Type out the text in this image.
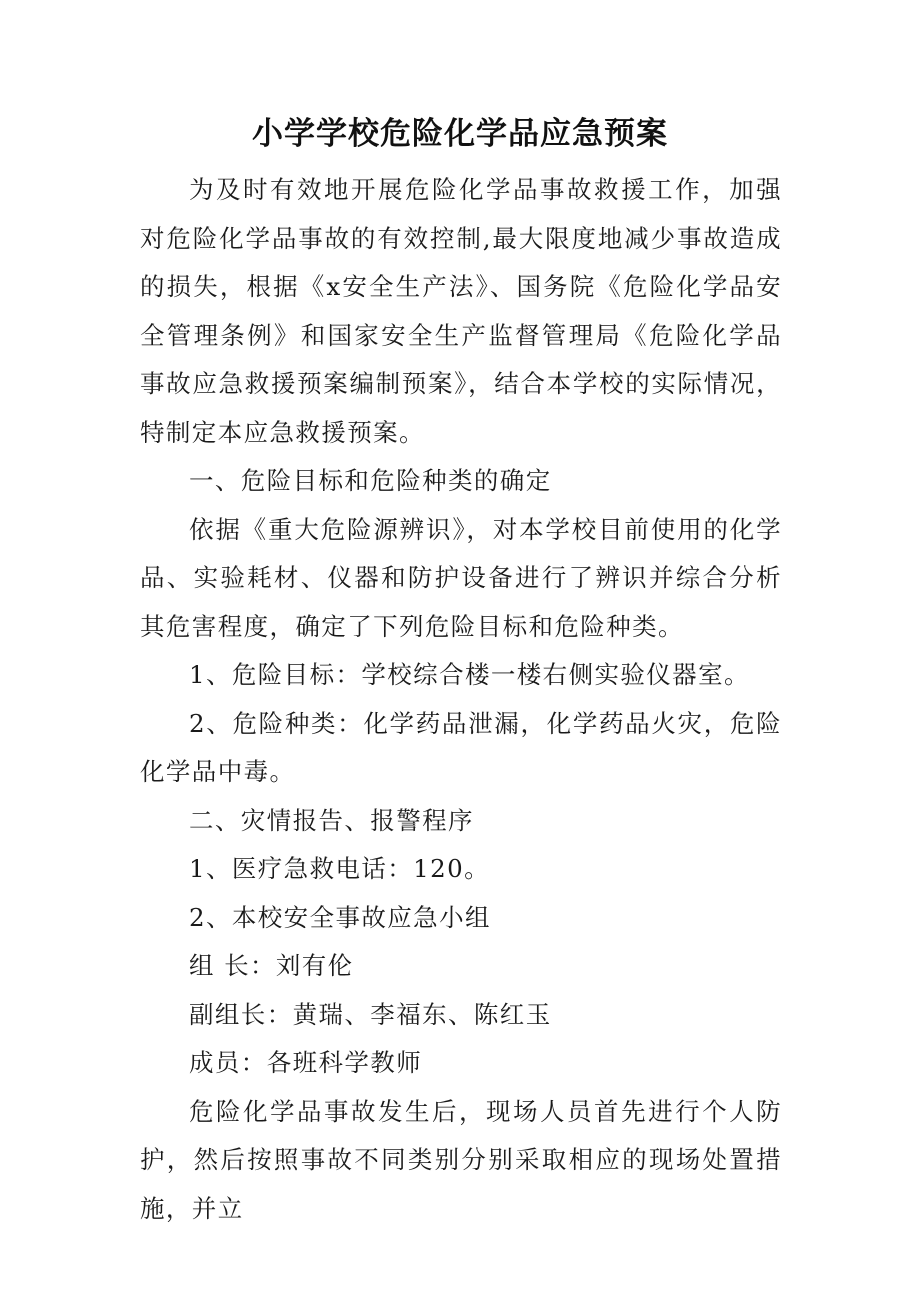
小学学校危险化学品应急预案

为及时有效地开展危险化学品事故救援工作，加强对危险化学品事故的有效控制,最大限度地减少事故造成的损失，根据《x安全生产法》、国务院《危险化学品安全管理条例》和国家安全生产监督管理局《危险化学品事故应急救援预案编制预案》，结合本学校的实际情况，特制定本应急救援预案。

一、危险目标和危险种类的确定

依据《重大危险源辨识》，对本学校目前使用的化学品、实验耗材、仪器和防护设备进行了辨识并综合分析其危害程度，确定了下列危险目标和危险种类。

1、危险目标：学校综合楼一楼右侧实验仪器室。

2、危险种类：化学药品泄漏，化学药品火灾，危险化学品中毒。

二、灾情报告、报警程序

1、医疗急救电话：120。

2、本校安全事故应急小组

组 长：刘有伦

副组长：黄瑞、李福东、陈红玉

成员：各班科学教师

危险化学品事故发生后，现场人员首先进行个人防护，然后按照事故不同类别分别采取相应的现场处置措施，并立
